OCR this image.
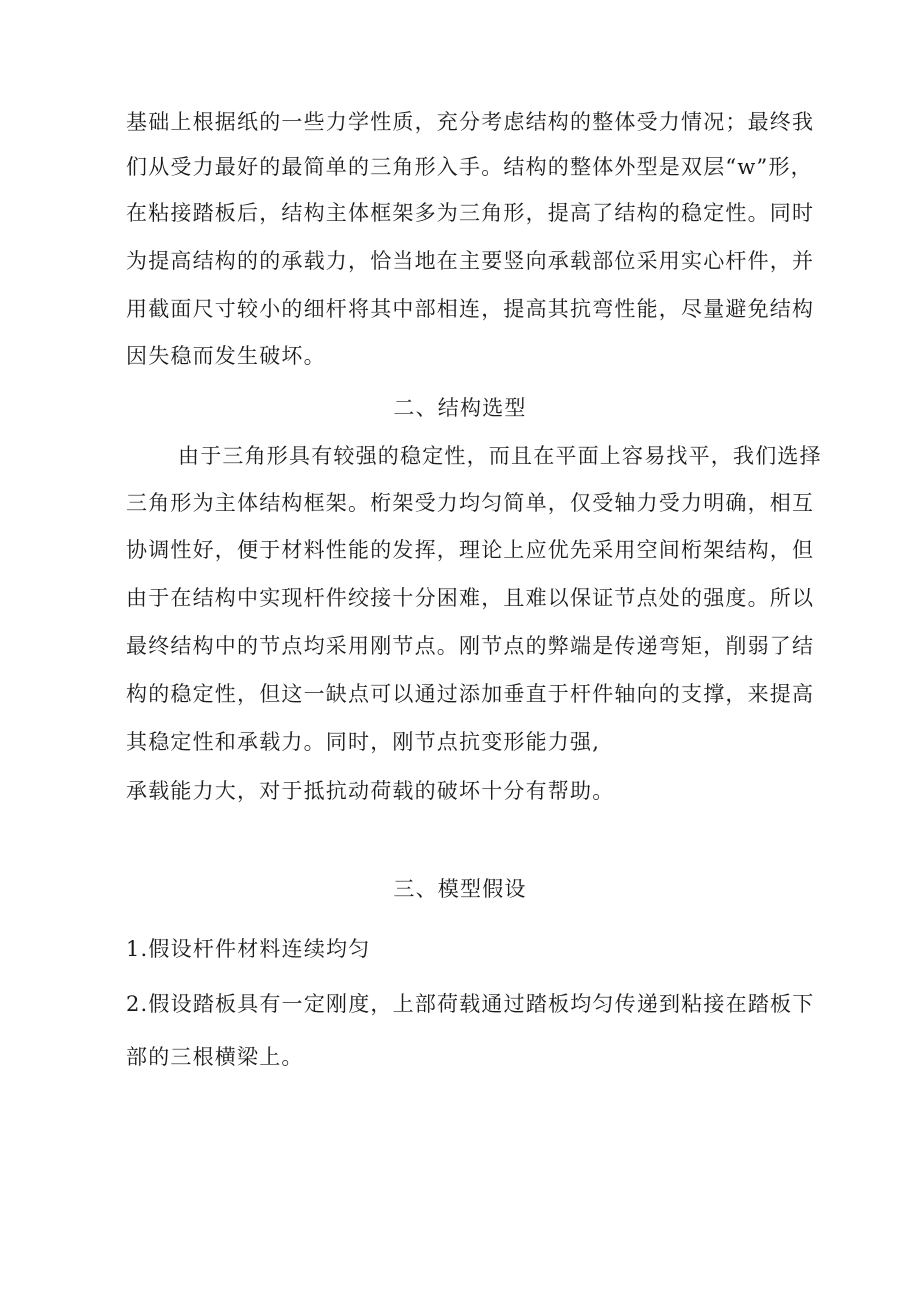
基础上根据纸的一些力学性质，充分考虑结构的整体受力情况；最终我
们从受力最好的最简单的三角形入手。结构的整体外型是双层“w”形，
在粘接踏板后，结构主体框架多为三角形，提高了结构的稳定性。同时
为提高结构的的承载力，恰当地在主要竖向承载部位采用实心杆件，并
用截面尺寸较小的细杆将其中部相连，提高其抗弯性能，尽量避免结构
因失稳而发生破坏。
二、结构选型
由于三角形具有较强的稳定性，而且在平面上容易找平，我们选择
三角形为主体结构框架。桁架受力均匀简单，仅受轴力受力明确，相互
协调性好，便于材料性能的发挥，理论上应优先采用空间桁架结构，但
由于在结构中实现杆件绞接十分困难，且难以保证节点处的强度。所以
最终结构中的节点均采用刚节点。刚节点的弊端是传递弯矩，削弱了结
构的稳定性，但这一缺点可以通过添加垂直于杆件轴向的支撑，来提高
其稳定性和承载力。同时，刚节点抗变形能力强,
承载能力大，对于抵抗动荷载的破坏十分有帮助。
三、模型假设
1.假设杆件材料连续均匀
2.假设踏板具有一定刚度，上部荷载通过踏板均匀传递到粘接在踏板下
部的三根横梁上。
